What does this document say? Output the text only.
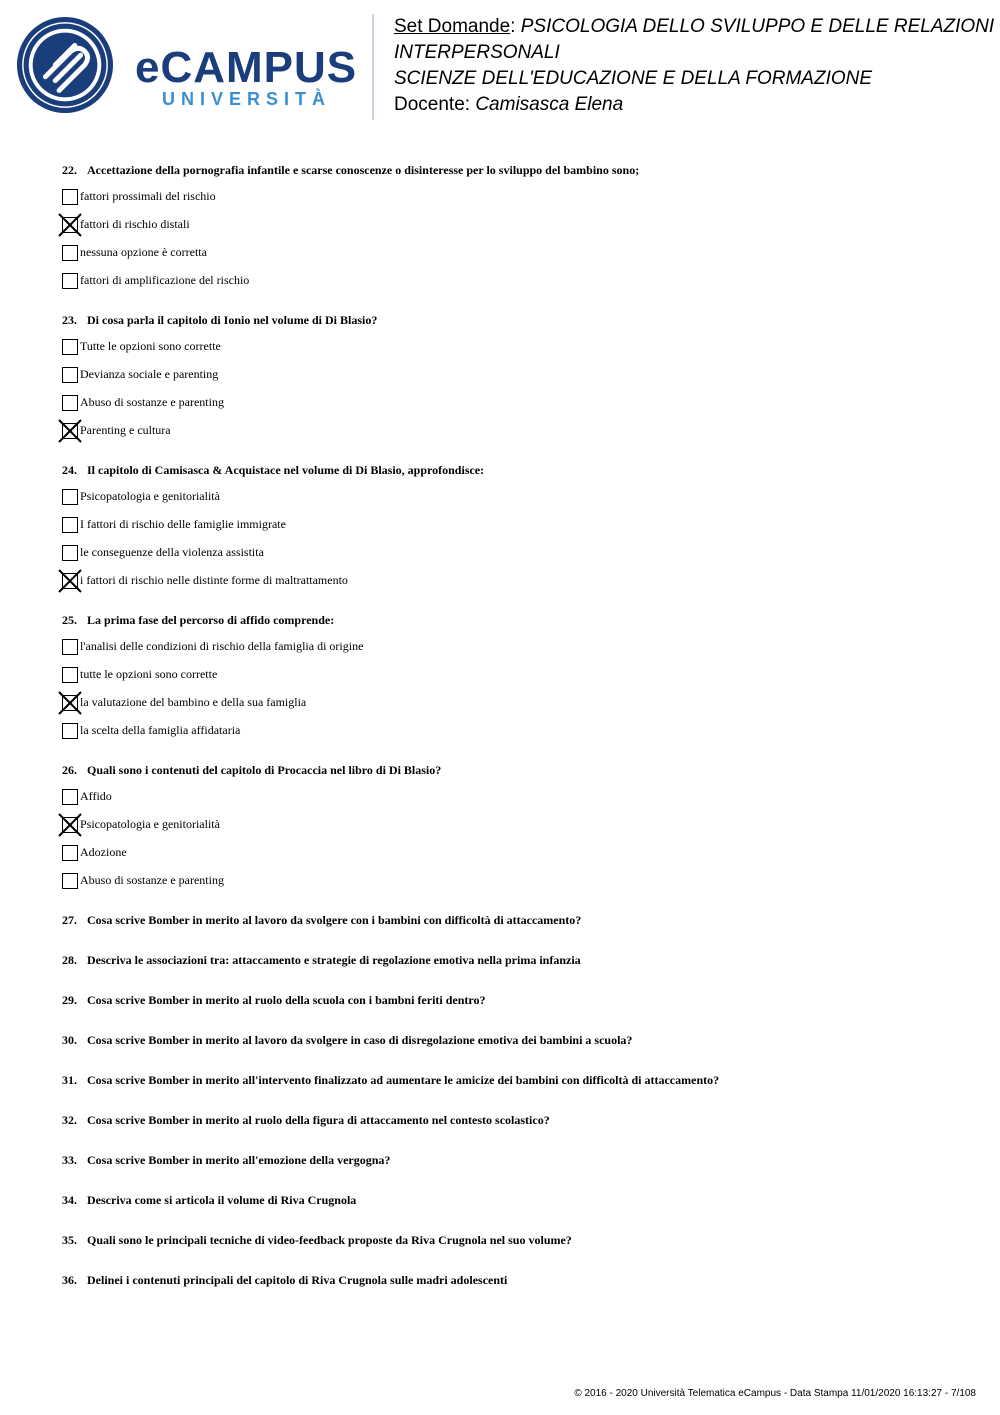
eCAMPUS
UNIVERSITÀ
Set Domande: PSICOLOGIA DELLO SVILUPPO E DELLE RELAZIONI
INTERPERSONALI
SCIENZE DELL'EDUCAZIONE E DELLA FORMAZIONE
Docente: Camisasca Elena

22. Accettazione della pornografia infantile e scarse conoscenze o disinteresse per lo sviluppo del bambino sono;

fattori prossimali del rischio
fattori di rischio distali
nessuna opzione è corretta
fattori di amplificazione del rischio

23. Di cosa parla il capitolo di Ionio nel volume di Di Blasio?

Tutte le opzioni sono corrette
Devianza sociale e parenting
Abuso di sostanze e parenting
Parenting e cultura

24. Il capitolo di Camisasca & Acquistace nel volume di Di Blasio, approfondisce:

Psicopatologia e genitorialità
I fattori di rischio delle famiglie immigrate
le conseguenze della violenza assistita
i fattori di rischio nelle distinte forme di maltrattamento

25. La prima fase del percorso di affido comprende:

l'analisi delle condizioni di rischio della famiglia di origine
tutte le opzioni sono corrette
la valutazione del bambino e della sua famiglia
la scelta della famiglia affidataria

26. Quali sono i contenuti del capitolo di Procaccia nel libro di Di Blasio?

Affido
Psicopatologia e genitorialità
Adozione
Abuso di sostanze e parenting

27. Cosa scrive Bomber in merito al lavoro da svolgere con i bambini con difficoltà di attaccamento?

28. Descriva le associazioni tra: attaccamento e strategie di regolazione emotiva nella prima infanzia

29. Cosa scrive Bomber in merito al ruolo della scuola con i bambni feriti dentro?

30. Cosa scrive Bomber in merito al lavoro da svolgere in caso di disregolazione emotiva dei bambini a scuola?

31. Cosa scrive Bomber in merito all'intervento finalizzato ad aumentare le amicize dei bambini con difficoltà di attaccamento?

32. Cosa scrive Bomber in merito al ruolo della figura di attaccamento nel contesto scolastico?

33. Cosa scrive Bomber in merito all'emozione della vergogna?

34. Descriva come si articola il volume di Riva Crugnola

35. Quali sono le principali tecniche di video-feedback proposte da Riva Crugnola nel suo volume?

36. Delinei i contenuti principali del capitolo di Riva Crugnola sulle madri adolescenti

© 2016 - 2020 Università Telematica eCampus - Data Stampa 11/01/2020 16:13:27 - 7/108
